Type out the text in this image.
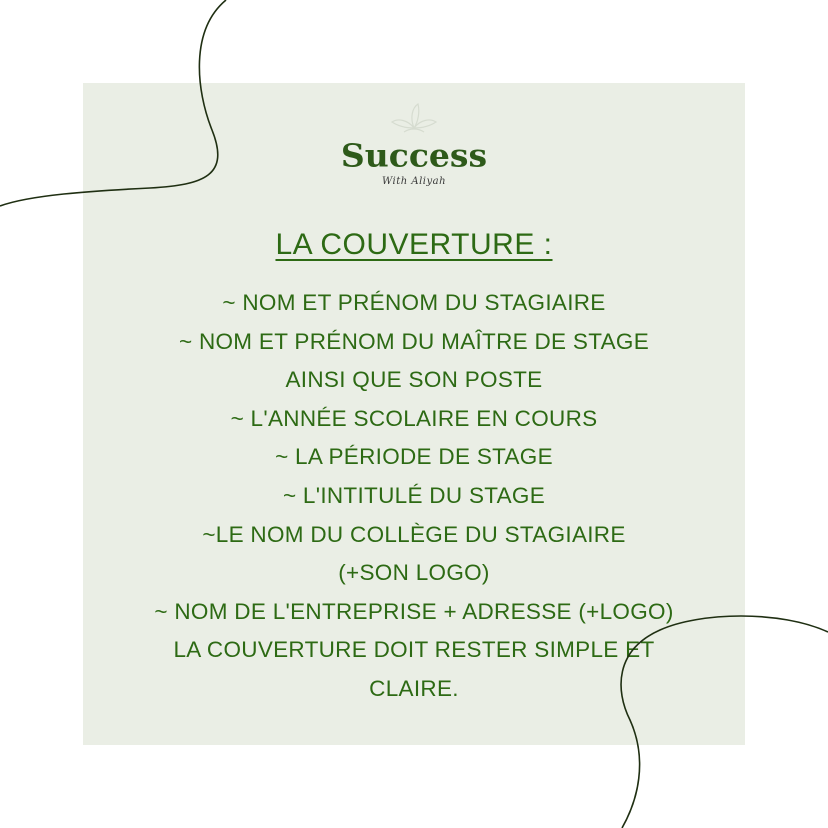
Success
With Aliyah
LA COUVERTURE :
~ NOM ET PRÉNOM DU STAGIAIRE
~ NOM ET PRÉNOM DU MAÎTRE DE STAGE
AINSI QUE SON POSTE
~ L'ANNÉE SCOLAIRE EN COURS
~ LA PÉRIODE DE STAGE
~ L'INTITULÉ DU STAGE
~LE NOM DU COLLÈGE DU STAGIAIRE
(+SON LOGO)
~ NOM DE L'ENTREPRISE + ADRESSE (+LOGO)
LA COUVERTURE DOIT RESTER SIMPLE ET
CLAIRE.
